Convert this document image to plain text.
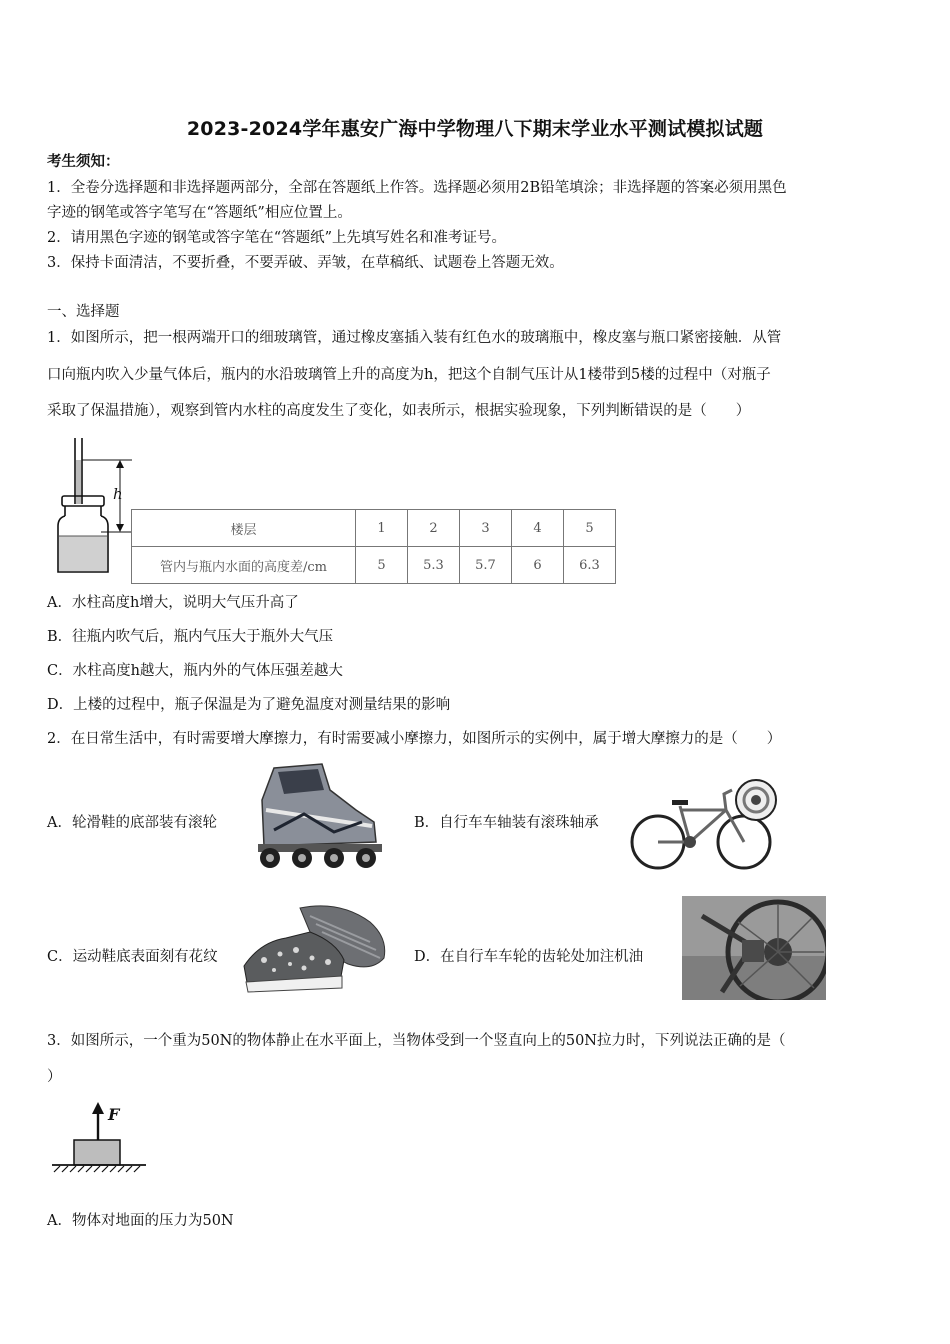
2023-2024学年惠安广海中学物理八下期末学业水平测试模拟试题
考生须知：
1．全卷分选择题和非选择题两部分，全部在答题纸上作答。选择题必须用2B铅笔填涂；非选择题的答案必须用黑色
字迹的钢笔或答字笔写在“答题纸”相应位置上。
2．请用黑色字迹的钢笔或答字笔在“答题纸”上先填写姓名和准考证号。
3．保持卡面清洁，不要折叠，不要弄破、弄皱，在草稿纸、试题卷上答题无效。
一、选择题
1．如图所示，把一根两端开口的细玻璃管，通过橡皮塞插入装有红色水的玻璃瓶中，橡皮塞与瓶口紧密接触．从管
口向瓶内吹入少量气体后，瓶内的水沿玻璃管上升的高度为h，把这个自制气压计从1楼带到5楼的过程中（对瓶子
采取了保温措施），观察到管内水柱的高度发生了变化，如表所示，根据实验现象，下列判断错误的是（　　）
h
楼层	1	2	3	4	5
管内与瓶内水面的高度差/cm	5	5.3	5.7	6	6.3
A．水柱高度h增大，说明大气压升高了
B．往瓶内吹气后，瓶内气压大于瓶外大气压
C．水柱高度h越大，瓶内外的气体压强差越大
D．上楼的过程中，瓶子保温是为了避免温度对测量结果的影响
2．在日常生活中，有时需要增大摩擦力，有时需要减小摩擦力，如图所示的实例中，属于增大摩擦力的是（　　）
A．轮滑鞋的底部装有滚轮	B．自行车车轴装有滚珠轴承
C．运动鞋底表面刻有花纹	D．在自行车车轮的齿轮处加注机油
3．如图所示，一个重为50N的物体静止在水平面上，当物体受到一个竖直向上的50N拉力时，下列说法正确的是（
）
F
A．物体对地面的压力为50N
